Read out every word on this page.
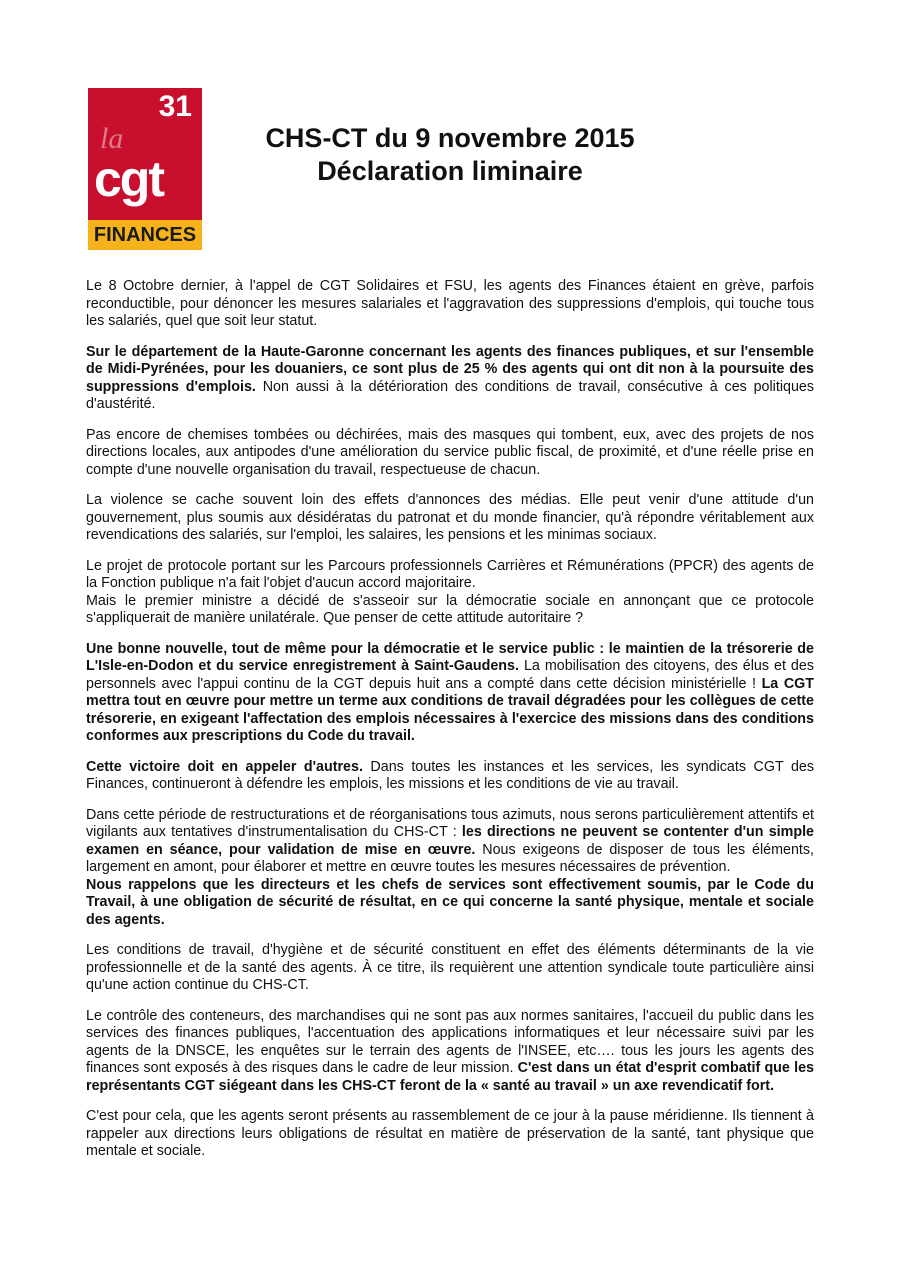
31
la
cgt
FINANCES
CHS-CT du 9 novembre 2015
Déclaration liminaire

Le 8 Octobre dernier, à l'appel de CGT Solidaires et FSU, les agents des Finances étaient en grève, parfois reconductible, pour dénoncer les mesures salariales et l'aggravation des suppressions d'emplois, qui touche tous les salariés, quel que soit leur statut.

Sur le département de la Haute-Garonne concernant les agents des finances publiques, et sur l'ensemble de Midi-Pyrénées, pour les douaniers, ce sont plus de 25 % des agents qui ont dit non à la poursuite des suppressions d'emplois. Non aussi à la détérioration des conditions de travail, consécutive à ces politiques d'austérité.

Pas encore de chemises tombées ou déchirées, mais des masques qui tombent, eux, avec des projets de nos directions locales, aux antipodes d'une amélioration du service public fiscal, de proximité, et d'une réelle prise en compte d'une nouvelle organisation du travail, respectueuse de chacun.

La violence se cache souvent loin des effets d'annonces des médias. Elle peut venir d'une attitude d'un gouvernement, plus soumis aux désidératas du patronat et du monde financier, qu'à répondre véritablement aux revendications des salariés, sur l'emploi, les salaires, les pensions et les minimas sociaux.

Le projet de protocole portant sur les Parcours professionnels Carrières et Rémunérations (PPCR) des agents de la Fonction publique n'a fait l'objet d'aucun accord majoritaire.
Mais le premier ministre a décidé de s'asseoir sur la démocratie sociale en annonçant que ce protocole s'appliquerait de manière unilatérale. Que penser de cette attitude autoritaire ?

Une bonne nouvelle, tout de même pour la démocratie et le service public : le maintien de la trésorerie de L'Isle-en-Dodon et du service enregistrement à Saint-Gaudens. La mobilisation des citoyens, des élus et des personnels avec l'appui continu de la CGT depuis huit ans a compté dans cette décision ministérielle ! La CGT mettra tout en œuvre pour mettre un terme aux conditions de travail dégradées pour les collègues de cette trésorerie, en exigeant l'affectation des emplois nécessaires à l'exercice des missions dans des conditions conformes aux prescriptions du Code du travail.

Cette victoire doit en appeler d'autres. Dans toutes les instances et les services, les syndicats CGT des Finances, continueront à défendre les emplois, les missions et les conditions de vie au travail.

Dans cette période de restructurations et de réorganisations tous azimuts, nous serons particulièrement attentifs et vigilants aux tentatives d'instrumentalisation du CHS-CT : les directions ne peuvent se contenter d'un simple examen en séance, pour validation de mise en œuvre. Nous exigeons de disposer de tous les éléments, largement en amont, pour élaborer et mettre en œuvre toutes les mesures nécessaires de prévention.
Nous rappelons que les directeurs et les chefs de services sont effectivement soumis, par le Code du Travail, à une obligation de sécurité de résultat, en ce qui concerne la santé physique, mentale et sociale des agents.

Les conditions de travail, d'hygiène et de sécurité constituent en effet des éléments déterminants de la vie professionnelle et de la santé des agents. À ce titre, ils requièrent une attention syndicale toute particulière ainsi qu'une action continue du CHS-CT.

Le contrôle des conteneurs, des marchandises qui ne sont pas aux normes sanitaires, l'accueil du public dans les services des finances publiques, l'accentuation des applications informatiques et leur nécessaire suivi par les agents de la DNSCE, les enquêtes sur le terrain des agents de l'INSEE, etc…. tous les jours les agents des finances sont exposés à des risques dans le cadre de leur mission. C'est dans un état d'esprit combatif que les représentants CGT siégeant dans les CHS-CT feront de la « santé au travail » un axe revendicatif fort.

C'est pour cela, que les agents seront présents au rassemblement de ce jour à la pause méridienne. Ils tiennent à rappeler aux directions leurs obligations de résultat en matière de préservation de la santé, tant physique que mentale et sociale.
